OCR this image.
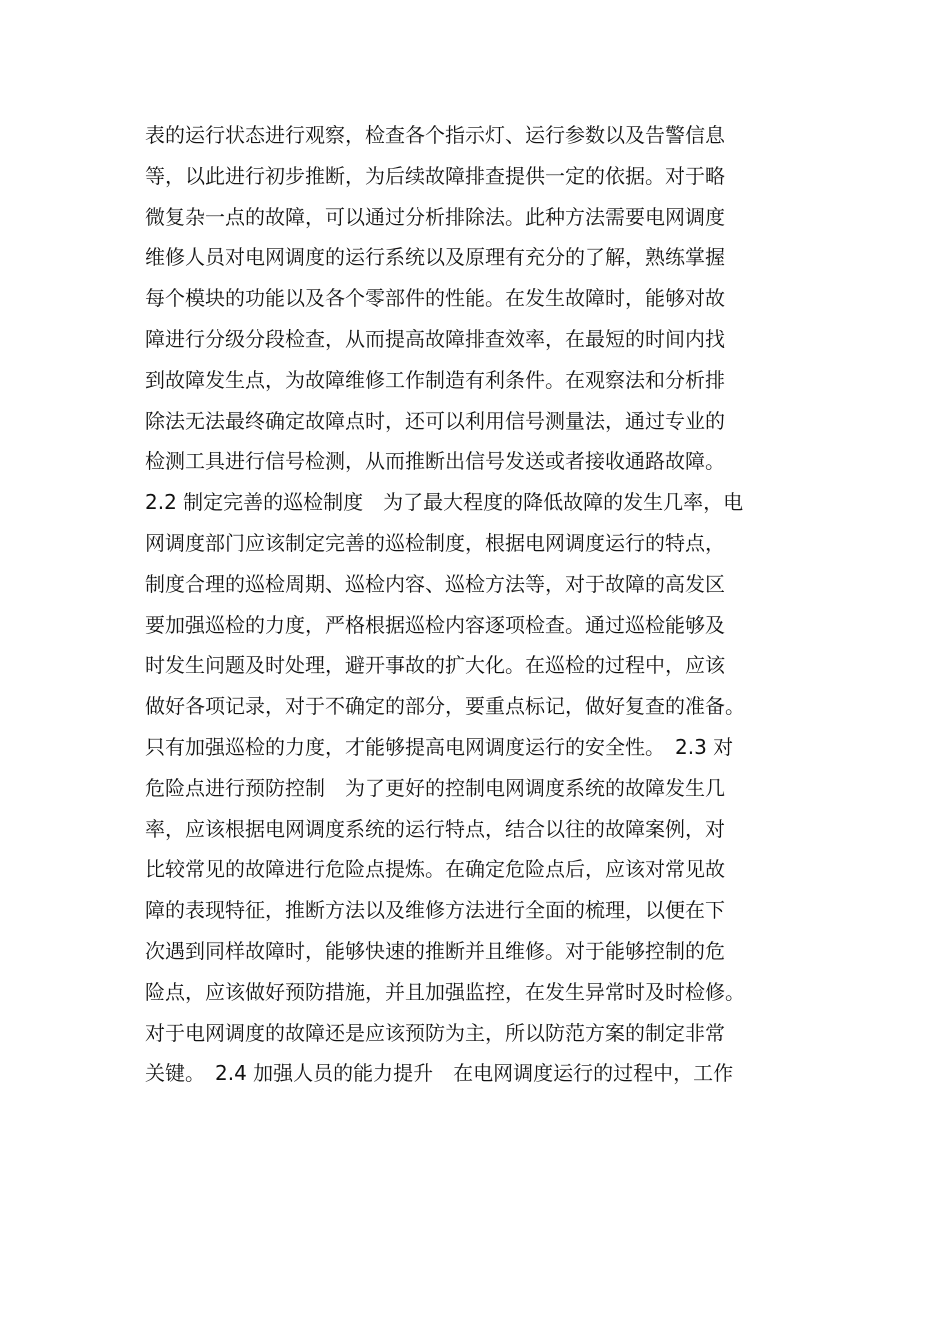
表的运行状态进行观察，检查各个指示灯、运行参数以及告警信息
等，以此进行初步推断，为后续故障排查提供一定的依据。对于略
微复杂一点的故障，可以通过分析排除法。此种方法需要电网调度
维修人员对电网调度的运行系统以及原理有充分的了解，熟练掌握
每个模块的功能以及各个零部件的性能。在发生故障时，能够对故
障进行分级分段检查，从而提高故障排查效率，在最短的时间内找
到故障发生点，为故障维修工作制造有利条件。在观察法和分析排
除法无法最终确定故障点时，还可以利用信号测量法，通过专业的
检测工具进行信号检测，从而推断出信号发送或者接收通路故障。
2.2 制定完善的巡检制度　为了最大程度的降低故障的发生几率，电
网调度部门应该制定完善的巡检制度，根据电网调度运行的特点，
制度合理的巡检周期、巡检内容、巡检方法等，对于故障的高发区
要加强巡检的力度，严格根据巡检内容逐项检查。通过巡检能够及
时发生问题及时处理，避开事故的扩大化。在巡检的过程中，应该
做好各项记录，对于不确定的部分，要重点标记，做好复查的准备。
只有加强巡检的力度，才能够提高电网调度运行的安全性。　2.3 对
危险点进行预防控制　为了更好的控制电网调度系统的故障发生几
率，应该根据电网调度系统的运行特点，结合以往的故障案例，对
比较常见的故障进行危险点提炼。在确定危险点后，应该对常见故
障的表现特征，推断方法以及维修方法进行全面的梳理，以便在下
次遇到同样故障时，能够快速的推断并且维修。对于能够控制的危
险点，应该做好预防措施，并且加强监控，在发生异常时及时检修。
对于电网调度的故障还是应该预防为主，所以防范方案的制定非常
关键。　2.4 加强人员的能力提升　在电网调度运行的过程中，工作
